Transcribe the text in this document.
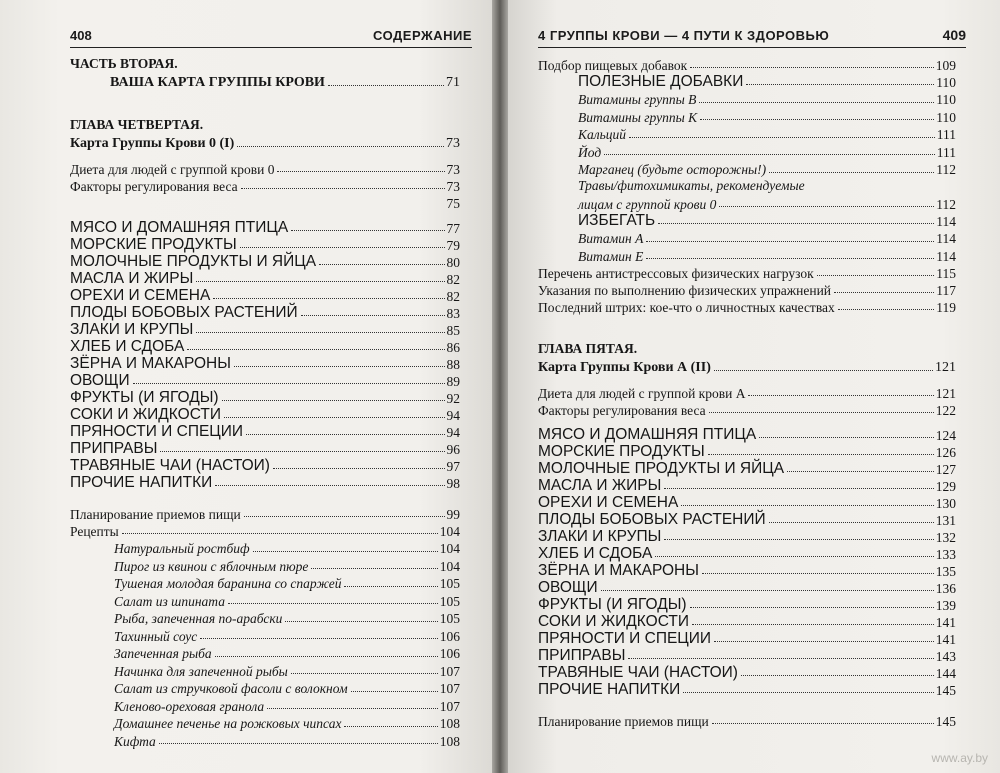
408	СОДЕРЖАНИЕ
ЧАСТЬ ВТОРАЯ.
ВАША КАРТА ГРУППЫ КРОВИ	71
ГЛАВА ЧЕТВЕРТАЯ.
Карта Группы Крови 0 (I)	73
Диета для людей с группой крови 0	73
Факторы регулирования веса	73
75
МЯСО И ДОМАШНЯЯ ПТИЦА	77
МОРСКИЕ ПРОДУКТЫ	79
МОЛОЧНЫЕ ПРОДУКТЫ И ЯЙЦА	80
МАСЛА И ЖИРЫ	82
ОРЕХИ И СЕМЕНА	82
ПЛОДЫ БОБОВЫХ РАСТЕНИЙ	83
ЗЛАКИ И КРУПЫ	85
ХЛЕБ И СДОБА	86
ЗЁРНА И МАКАРОНЫ	88
ОВОЩИ	89
ФРУКТЫ (И ЯГОДЫ)	92
СОКИ И ЖИДКОСТИ	94
ПРЯНОСТИ И СПЕЦИИ	94
ПРИПРАВЫ	96
ТРАВЯНЫЕ ЧАИ (НАСТОИ)	97
ПРОЧИЕ НАПИТКИ	98
Планирование приемов пищи	99
Рецепты	104
Натуральный ростбиф	104
Пирог из квинои с яблочным пюре	104
Тушеная молодая баранина со спаржей	105
Салат из шпината	105
Рыба, запеченная по-арабски	105
Тахинный соус	106
Запеченная рыба	106
Начинка для запеченной рыбы	107
Салат из стручковой фасоли с волокном	107
Кленово-ореховая гранола	107
Домашнее печенье на рожковых чипсах	108
Кифта	108
4 ГРУППЫ КРОВИ — 4 ПУТИ К ЗДОРОВЬЮ	409
Подбор пищевых добавок	109
ПОЛЕЗНЫЕ ДОБАВКИ	110
Витамины группы В	110
Витамины группы К	110
Кальций	111
Йод	111
Марганец (будьте осторожны!)	112
Травы/фитохимикаты, рекомендуемые
лицам с группой крови 0	112
ИЗБЕГАТЬ	114
Витамин А	114
Витамин Е	114
Перечень антистрессовых физических нагрузок	115
Указания по выполнению физических упражнений	117
Последний штрих: кое-что о личностных качествах	119
ГЛАВА ПЯТАЯ.
Карта Группы Крови А (II)	121
Диета для людей с группой крови А	121
Факторы регулирования веса	122
МЯСО И ДОМАШНЯЯ ПТИЦА	124
МОРСКИЕ ПРОДУКТЫ	126
МОЛОЧНЫЕ ПРОДУКТЫ И ЯЙЦА	127
МАСЛА И ЖИРЫ	129
ОРЕХИ И СЕМЕНА	130
ПЛОДЫ БОБОВЫХ РАСТЕНИЙ	131
ЗЛАКИ И КРУПЫ	132
ХЛЕБ И СДОБА	133
ЗЁРНА И МАКАРОНЫ	135
ОВОЩИ	136
ФРУКТЫ (И ЯГОДЫ)	139
СОКИ И ЖИДКОСТИ	141
ПРЯНОСТИ И СПЕЦИИ	141
ПРИПРАВЫ	143
ТРАВЯНЫЕ ЧАИ (НАСТОИ)	144
ПРОЧИЕ НАПИТКИ	145
Планирование приемов пищи	145
www.ay.by
